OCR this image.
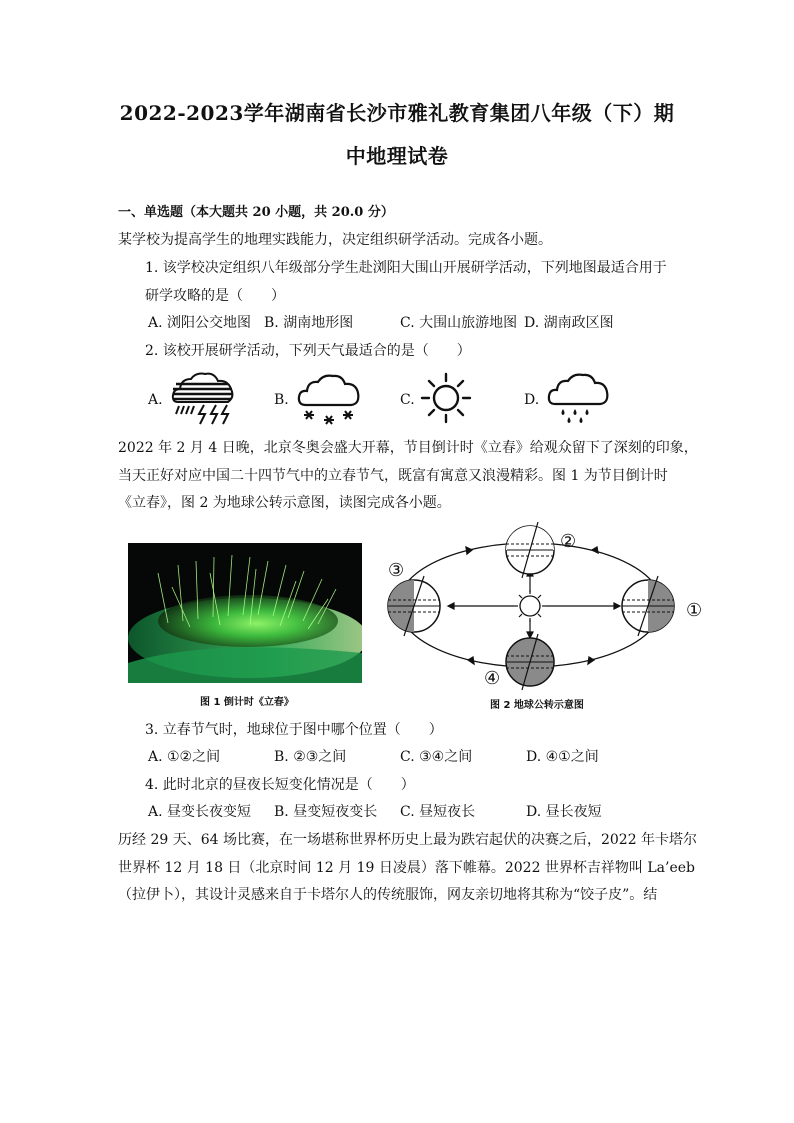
2022-2023学年湖南省长沙市雅礼教育集团八年级（下）期
中地理试卷
一、单选题（本大题共 20 小题，共 20.0 分）
某学校为提高学生的地理实践能力，决定组织研学活动。完成各小题。
1. 该学校决定组织八年级部分学生赴浏阳大围山开展研学活动，下列地图最适合用于
研学攻略的是（　　）
A. 浏阳公交地图 B. 湖南地形图	C. 大围山旅游地图 D. 湖南政区图
2. 该校开展研学活动，下列天气最适合的是（　　）
A.	B.	C.	D.
2022 年 2 月 4 日晚，北京冬奥会盛大开幕，节目倒计时《立春》给观众留下了深刻的印象，
当天正好对应中国二十四节气中的立春节气，既富有寓意又浪漫精彩。图 1 为节目倒计时
《立春》，图 2 为地球公转示意图，读图完成各小题。
图 1 倒计时《立春》
②
③
①
④
图 2 地球公转示意图
3. 立春节气时，地球位于图中哪个位置（　　）
A. ①②之间	B. ②③之间	C. ③④之间	D. ④①之间
4. 此时北京的昼夜长短变化情况是（　　）
A. 昼变长夜变短 B. 昼变短夜变长 C. 昼短夜长	D. 昼长夜短
历经 29 天、64 场比赛，在一场堪称世界杯历史上最为跌宕起伏的决赛之后，2022 年卡塔尔
世界杯 12 月 18 日（北京时间 12 月 19 日凌晨）落下帷幕。2022 世界杯吉祥物叫 La’eeb
（拉伊卜），其设计灵感来自于卡塔尔人的传统服饰，网友亲切地将其称为“饺子皮”。结
